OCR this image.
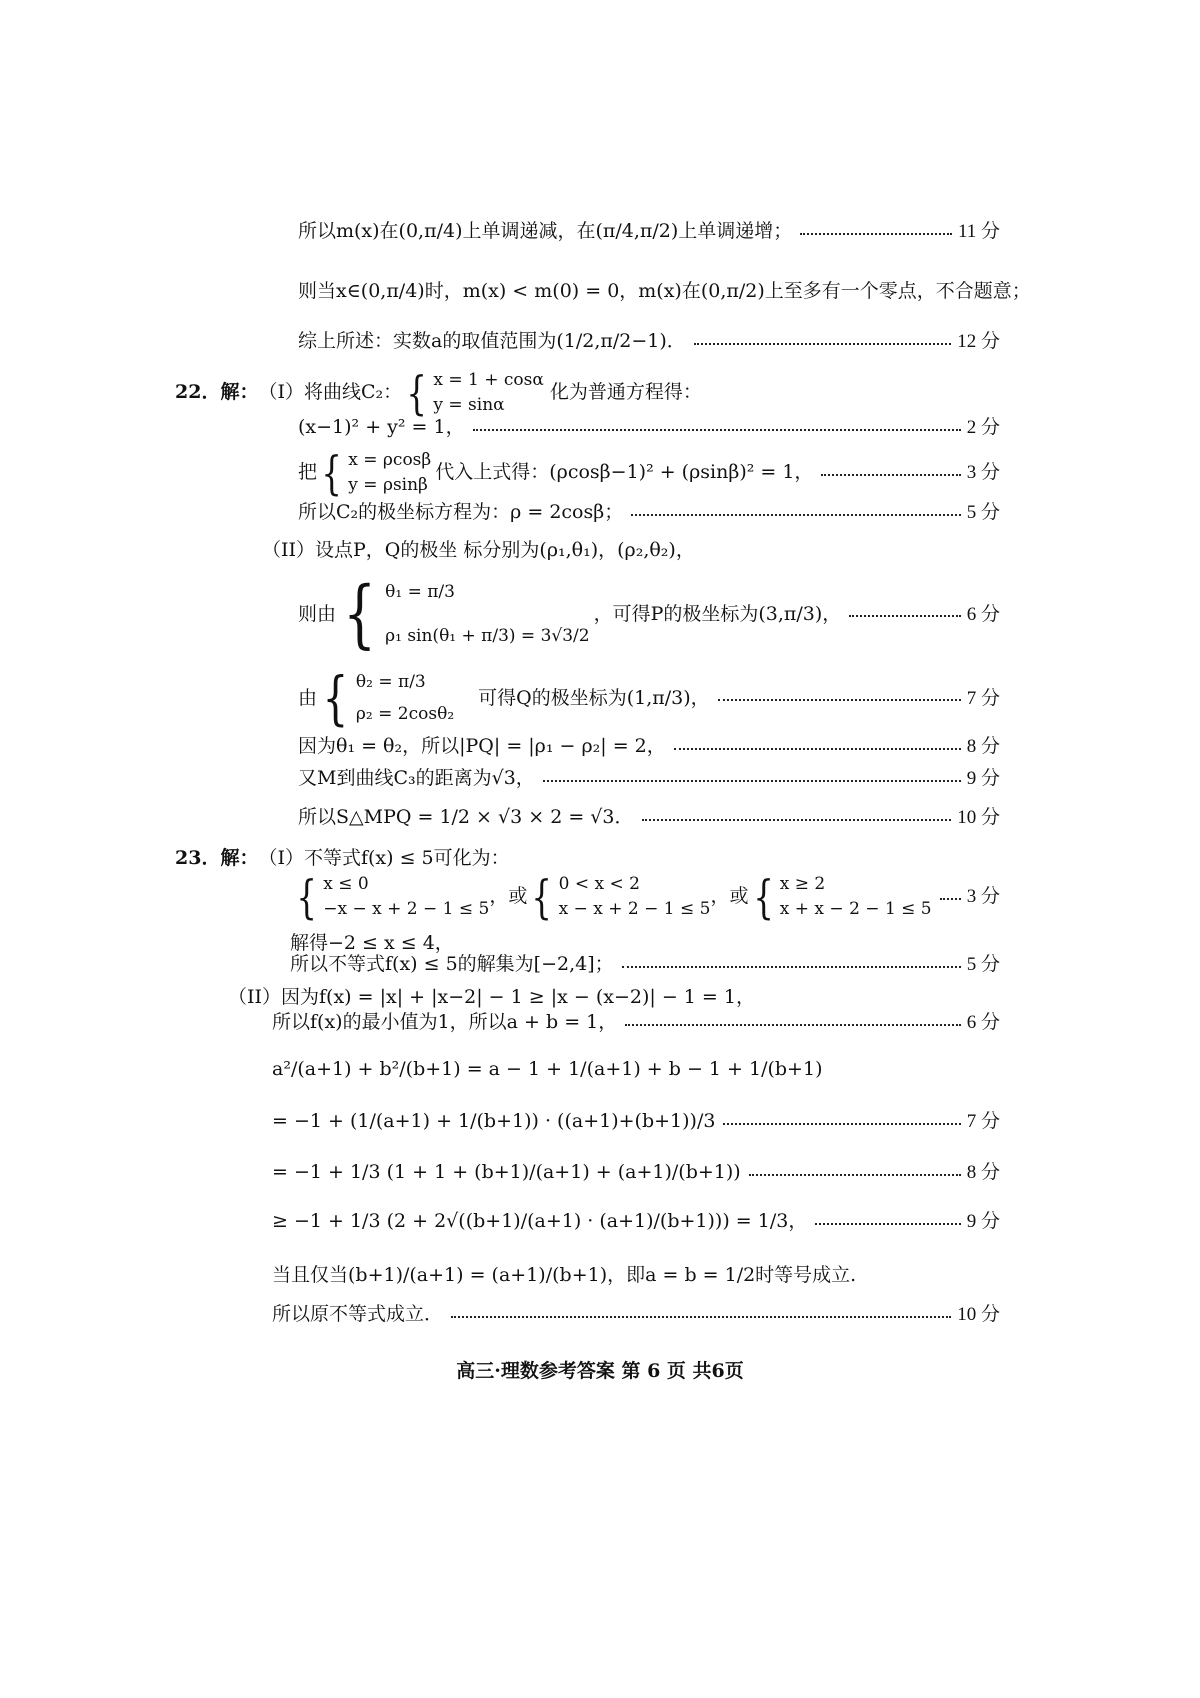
所以m(x)在(0,π/4)上单调递减，在(π/4,π/2)上单调递增；	11 分
则当x∈(0,π/4)时，m(x) < m(0) = 0，m(x)在(0,π/2)上至多有一个零点，不合题意；
综上所述：实数a的取值范围为(1/2,π/2−1)．	12 分
22．解： （I）将曲线C₂： { x = 1 + cosα
y = sinα
化为普通方程得：
(x−1)² + y² = 1，	2 分
把 { x = ρcosβ
y = ρsinβ
代入上式得：(ρcosβ−1)² + (ρsinβ)² = 1，	3 分
所以C₂的极坐标方程为：ρ = 2cosβ；	5 分
（II）设点P，Q的极坐 标分别为(ρ₁,θ₁)，(ρ₂,θ₂)，
则由 { θ₁ = π/3
ρ₁ sin(θ₁ + π/3) = 3√3/2
，可得P的极坐标为(3,π/3)，	6 分
由 { θ₂ = π/3
ρ₂ = 2cosθ₂
可得Q的极坐标为(1,π/3)，	7 分
因为θ₁ = θ₂，所以|PQ| = |ρ₁ − ρ₂| = 2，	8 分
又M到曲线C₃的距离为√3，	9 分
所以S△MPQ = 1/2 × √3 × 2 = √3．	10 分
23．解： （I）不等式f(x) ≤ 5可化为：
{ x ≤ 0
−x − x + 2 − 1 ≤ 5
，或 { 0 < x < 2
x − x + 2 − 1 ≤ 5
，或 { x ≥ 2
x + x − 2 − 1 ≤ 5
3 分
解得−2 ≤ x ≤ 4，
所以不等式f(x) ≤ 5的解集为[−2,4]；	5 分
（II）因为f(x) = |x| + |x−2| − 1 ≥ |x − (x−2)| − 1 = 1，
所以f(x)的最小值为1，所以a + b = 1，	6 分
a²/(a+1) + b²/(b+1) = a − 1 + 1/(a+1) + b − 1 + 1/(b+1)
= −1 + (1/(a+1) + 1/(b+1)) · ((a+1)+(b+1))/3	7 分
= −1 + 1/3 (1 + 1 + (b+1)/(a+1) + (a+1)/(b+1))	8 分
≥ −1 + 1/3 (2 + 2√((b+1)/(a+1) · (a+1)/(b+1))) = 1/3，	9 分
当且仅当(b+1)/(a+1) = (a+1)/(b+1)，即a = b = 1/2时等号成立.
所以原不等式成立．	10 分
高三·理数参考答案 第 6 页 共6页
